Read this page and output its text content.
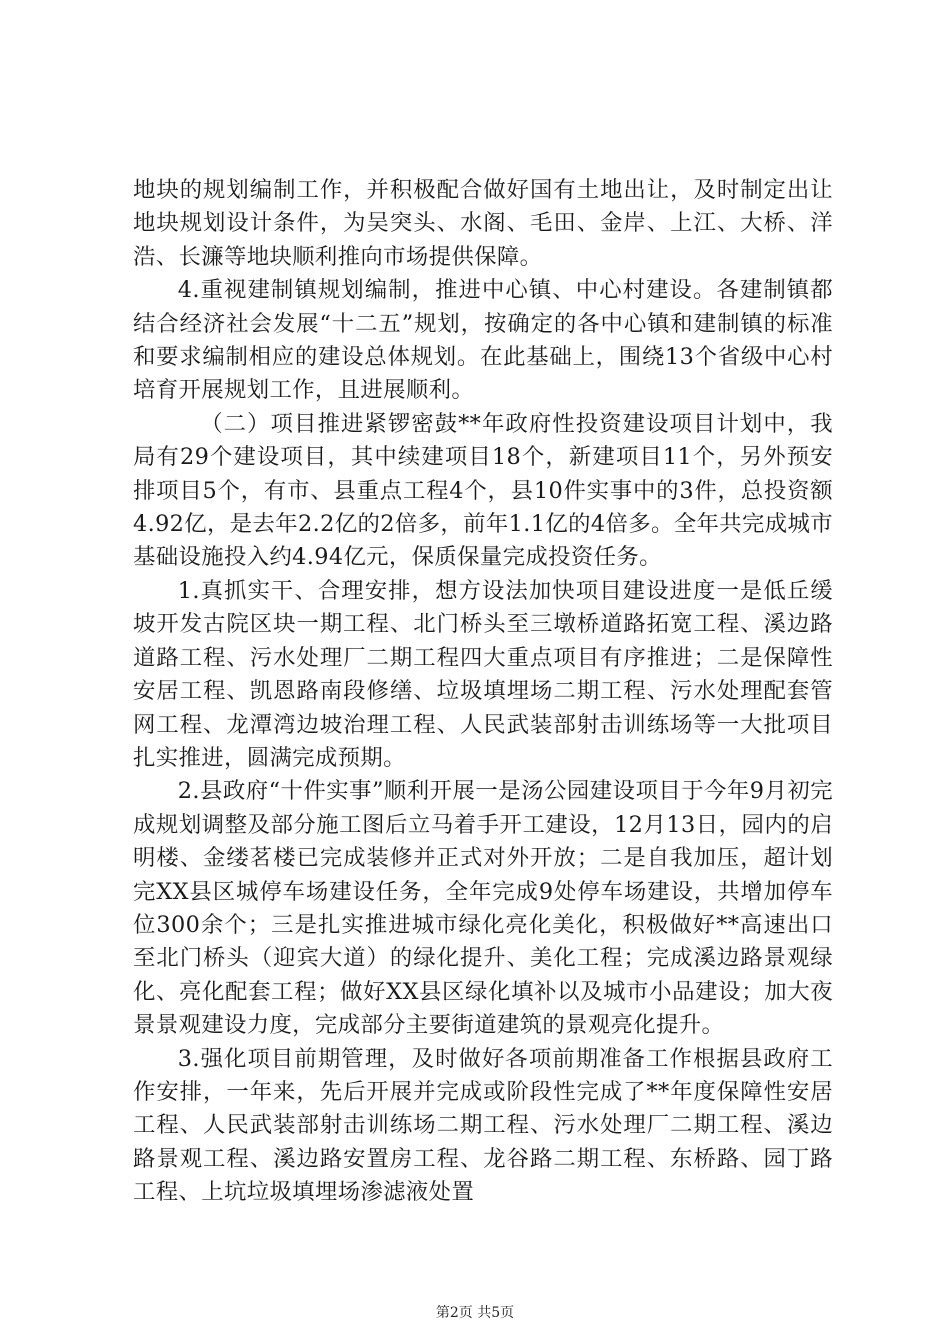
地块的规划编制工作，并积极配合做好国有土地出让，及时制定出让地块规划设计条件，为吴突头、水阁、毛田、金岸、上江、大桥、洋浩、长濂等地块顺利推向市场提供保障。

4.重视建制镇规划编制，推进中心镇、中心村建设。各建制镇都结合经济社会发展“十二五”规划，按确定的各中心镇和建制镇的标准和要求编制相应的建设总体规划。在此基础上，围绕13个省级中心村培育开展规划工作，且进展顺利。

（二）项目推进紧锣密鼓**年政府性投资建设项目计划中，我局有29个建设项目，其中续建项目18个，新建项目11个，另外预安排项目5个，有市、县重点工程4个，县10件实事中的3件，总投资额4.92亿，是去年2.2亿的2倍多，前年1.1亿的4倍多。全年共完成城市基础设施投入约4.94亿元，保质保量完成投资任务。

1.真抓实干、合理安排，想方设法加快项目建设进度一是低丘缓坡开发古院区块一期工程、北门桥头至三墩桥道路拓宽工程、溪边路道路工程、污水处理厂二期工程四大重点项目有序推进；二是保障性安居工程、凯恩路南段修缮、垃圾填埋场二期工程、污水处理配套管网工程、龙潭湾边坡治理工程、人民武装部射击训练场等一大批项目扎实推进，圆满完成预期。

2.县政府“十件实事”顺利开展一是汤公园建设项目于今年9月初完成规划调整及部分施工图后立马着手开工建设，12月13日，园内的启明楼、金缕茗楼已完成装修并正式对外开放；二是自我加压，超计划完XX县区城停车场建设任务，全年完成9处停车场建设，共增加停车位300余个；三是扎实推进城市绿化亮化美化，积极做好**高速出口至北门桥头（迎宾大道）的绿化提升、美化工程；完成溪边路景观绿化、亮化配套工程；做好XX县区绿化填补以及城市小品建设；加大夜景景观建设力度，完成部分主要街道建筑的景观亮化提升。

3.强化项目前期管理，及时做好各项前期准备工作根据县政府工作安排，一年来，先后开展并完成或阶段性完成了**年度保障性安居工程、人民武装部射击训练场二期工程、污水处理厂二期工程、溪边路景观工程、溪边路安置房工程、龙谷路二期工程、东桥路、园丁路工程、上坑垃圾填埋场渗滤液处置

第2页 共5页
